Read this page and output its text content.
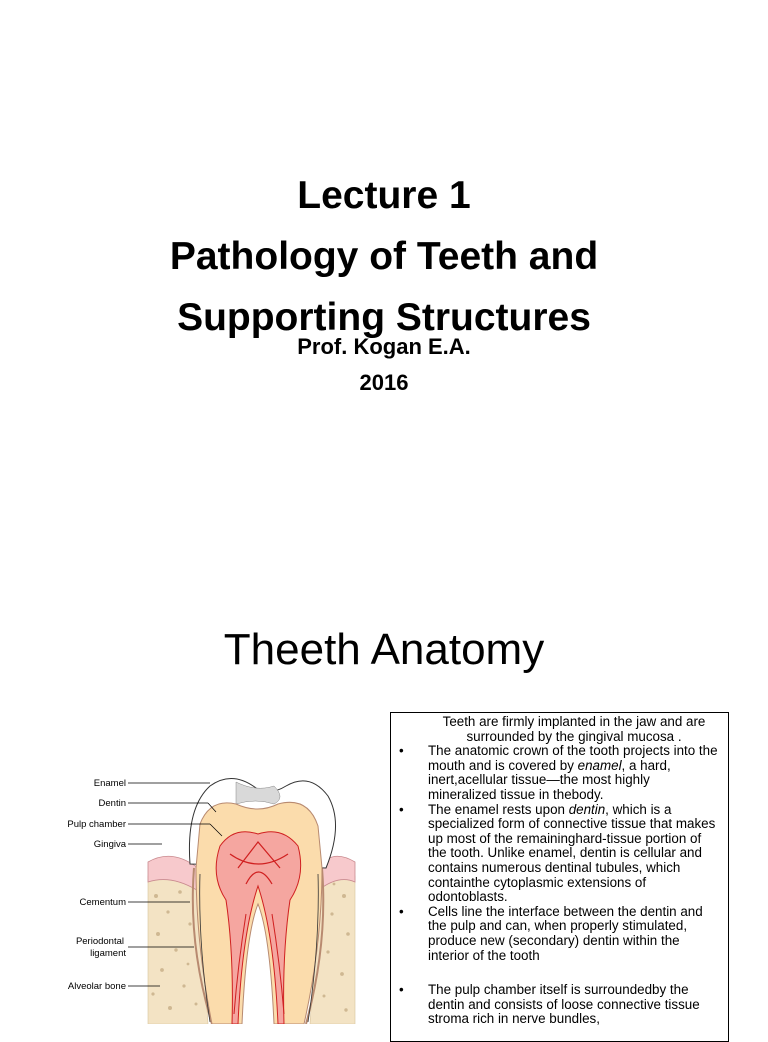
Lecture 1
Pathology of Teeth and
Supporting Structures
Prof. Kogan E.A.
2016
Theeth Anatomy
Enamel
Dentin
Pulp chamber
Gingiva
Cementum
Periodontal
ligament
Alveolar bone
Teeth are firmly implanted in the jaw and are surrounded by the gingival mucosa .
• The anatomic crown of the tooth projects into the mouth and is covered by enamel, a hard, inert,acellular tissue—the most highly mineralized tissue in thebody.
• The enamel rests upon dentin, which is a specialized form of connective tissue that makes up most of the remaininghard-tissue portion of the tooth. Unlike enamel, dentin is cellular and contains numerous dentinal tubules, which containthe cytoplasmic extensions of odontoblasts.
• Cells line the interface between the dentin and the pulp and can, when properly stimulated, produce new (secondary) dentin within the interior of the tooth
• The pulp chamber itself is surroundedby the dentin and consists of loose connective tissue stroma rich in nerve bundles,
